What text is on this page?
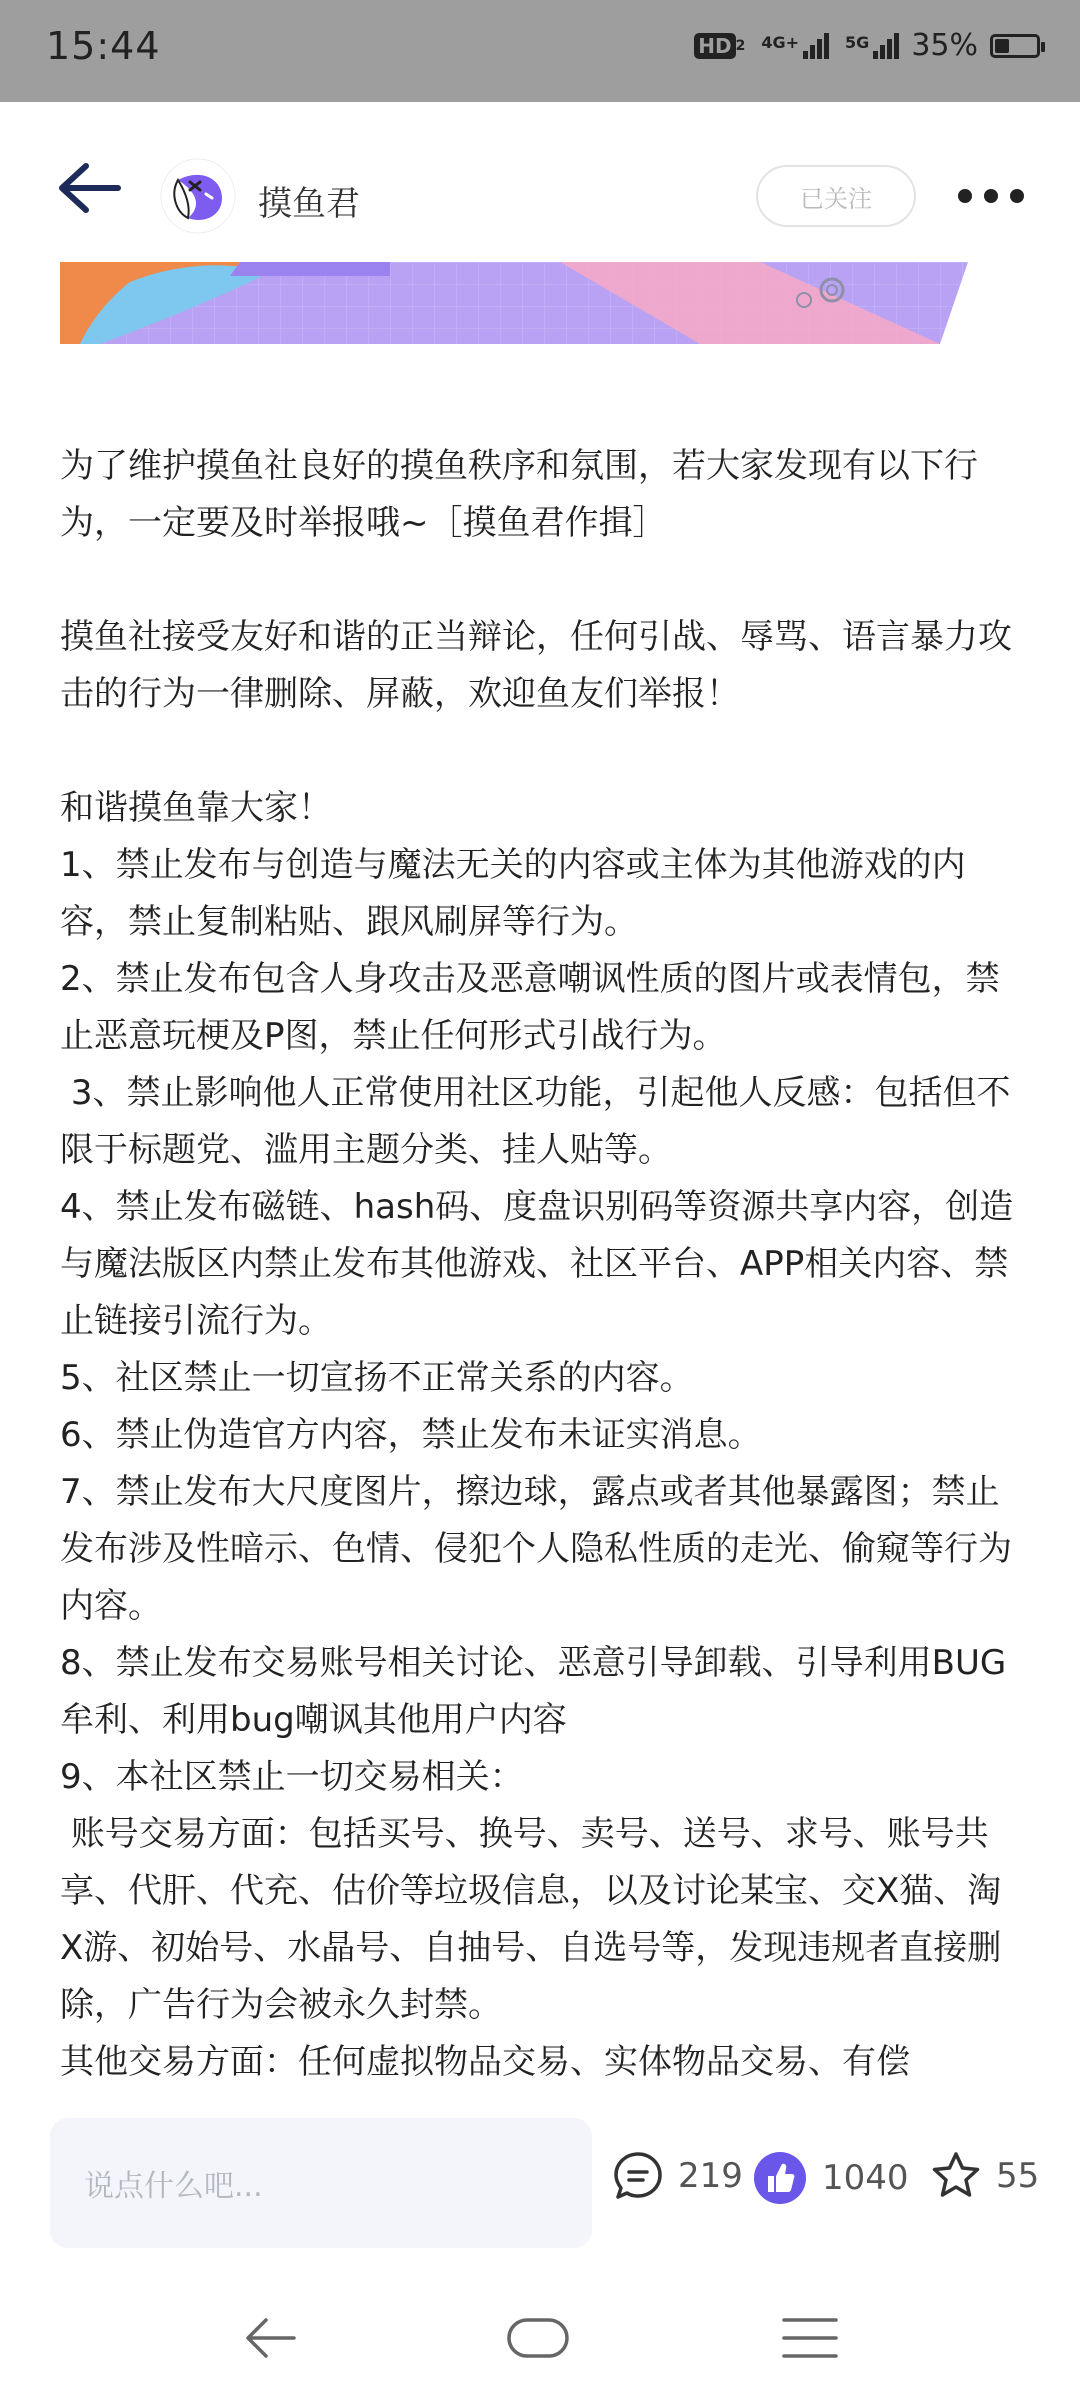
15:44	HD 2 4G+	5G 35%
摸鱼君	已关注

为了维护摸鱼社良好的摸鱼秩序和氛围，若大家发现有以下行为，一定要及时举报哦~［摸鱼君作揖］

摸鱼社接受友好和谐的正当辩论，任何引战、辱骂、语言暴力攻击的行为一律删除、屏蔽，欢迎鱼友们举报！

和谐摸鱼靠大家！

1、禁止发布与创造与魔法无关的内容或主体为其他游戏的内容，禁止复制粘贴、跟风刷屏等行为。

2、禁止发布包含人身攻击及恶意嘲讽性质的图片或表情包，禁止恶意玩梗及P图，禁止任何形式引战行为。

3、禁止影响他人正常使用社区功能，引起他人反感：包括但不限于标题党、滥用主题分类、挂人贴等。

4、禁止发布磁链、hash码、度盘识别码等资源共享内容，创造与魔法版区内禁止发布其他游戏、社区平台、APP相关内容、禁止链接引流行为。

5、社区禁止一切宣扬不正常关系的内容。

6、禁止伪造官方内容，禁止发布未证实消息。

7、禁止发布大尺度图片，擦边球，露点或者其他暴露图；禁止发布涉及性暗示、色情、侵犯个人隐私性质的走光、偷窥等行为内容。

8、禁止发布交易账号相关讨论、恶意引导卸载、引导利用BUG牟利、利用bug嘲讽其他用户内容

9、本社区禁止一切交易相关：

账号交易方面：包括买号、换号、卖号、送号、求号、账号共享、代肝、代充、估价等垃圾信息，以及讨论某宝、交X猫、淘X游、初始号、水晶号、自抽号、自选号等，发现违规者直接删除，广告行为会被永久封禁。

其他交易方面：任何虚拟物品交易、实体物品交易、有偿

说点什么吧...	219 1040	55
